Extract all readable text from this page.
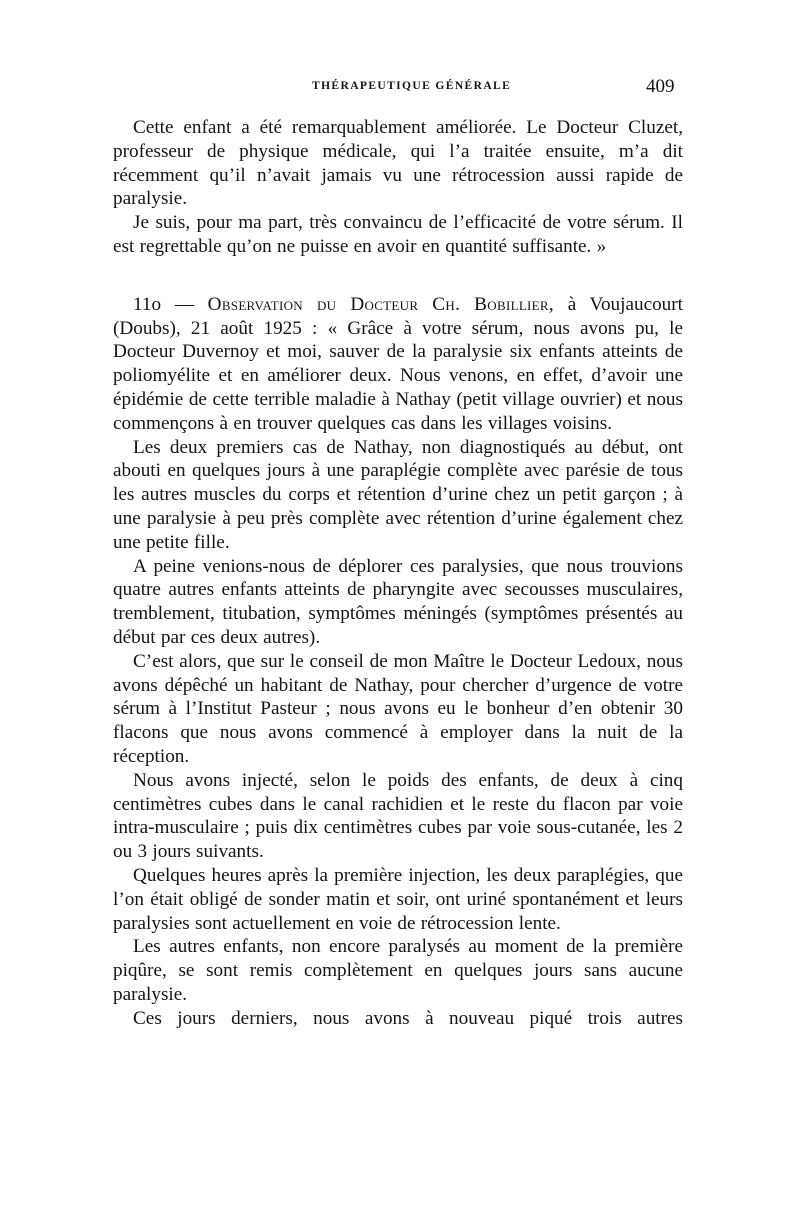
THÉRAPEUTIQUE GÉNÉRALE	409

Cette enfant a été remarquablement améliorée. Le Docteur Cluzet, professeur de physique médicale, qui l’a traitée ensuite, m’a dit récemment qu’il n’avait jamais vu une rétrocession aussi rapide de paralysie.

Je suis, pour ma part, très convaincu de l’efficacité de votre sérum. Il est regrettable qu’on ne puisse en avoir en quantité suffisante. »

11o — Observation du Docteur Ch. Bobillier, à Voujaucourt (Doubs), 21 août 1925 : « Grâce à votre sérum, nous avons pu, le Docteur Duvernoy et moi, sauver de la paralysie six enfants atteints de poliomyélite et en améliorer deux. Nous venons, en effet, d’avoir une épidémie de cette terrible maladie à Nathay (petit village ouvrier) et nous commençons à en trouver quelques cas dans les villages voisins.

Les deux premiers cas de Nathay, non diagnostiqués au début, ont abouti en quelques jours à une paraplégie complète avec parésie de tous les autres muscles du corps et rétention d’urine chez un petit garçon ; à une paralysie à peu près complète avec rétention d’urine également chez une petite fille.

A peine venions-nous de déplorer ces paralysies, que nous trouvions quatre autres enfants atteints de pharyngite avec secousses musculaires, tremblement, titubation, symptômes méningés (symptômes présentés au début par ces deux autres).

C’est alors, que sur le conseil de mon Maître le Docteur Ledoux, nous avons dépêché un habitant de Nathay, pour chercher d’urgence de votre sérum à l’Institut Pasteur ; nous avons eu le bonheur d’en obtenir 30 flacons que nous avons commencé à employer dans la nuit de la réception.

Nous avons injecté, selon le poids des enfants, de deux à cinq centimètres cubes dans le canal rachidien et le reste du flacon par voie intra-musculaire ; puis dix centimètres cubes par voie sous-cutanée, les 2 ou 3 jours suivants.

Quelques heures après la première injection, les deux paraplégies, que l’on était obligé de sonder matin et soir, ont uriné spontanément et leurs paralysies sont actuellement en voie de rétrocession lente.

Les autres enfants, non encore paralysés au moment de la première piqûre, se sont remis complètement en quelques jours sans aucune paralysie.

Ces jours derniers, nous avons à nouveau piqué trois autres
